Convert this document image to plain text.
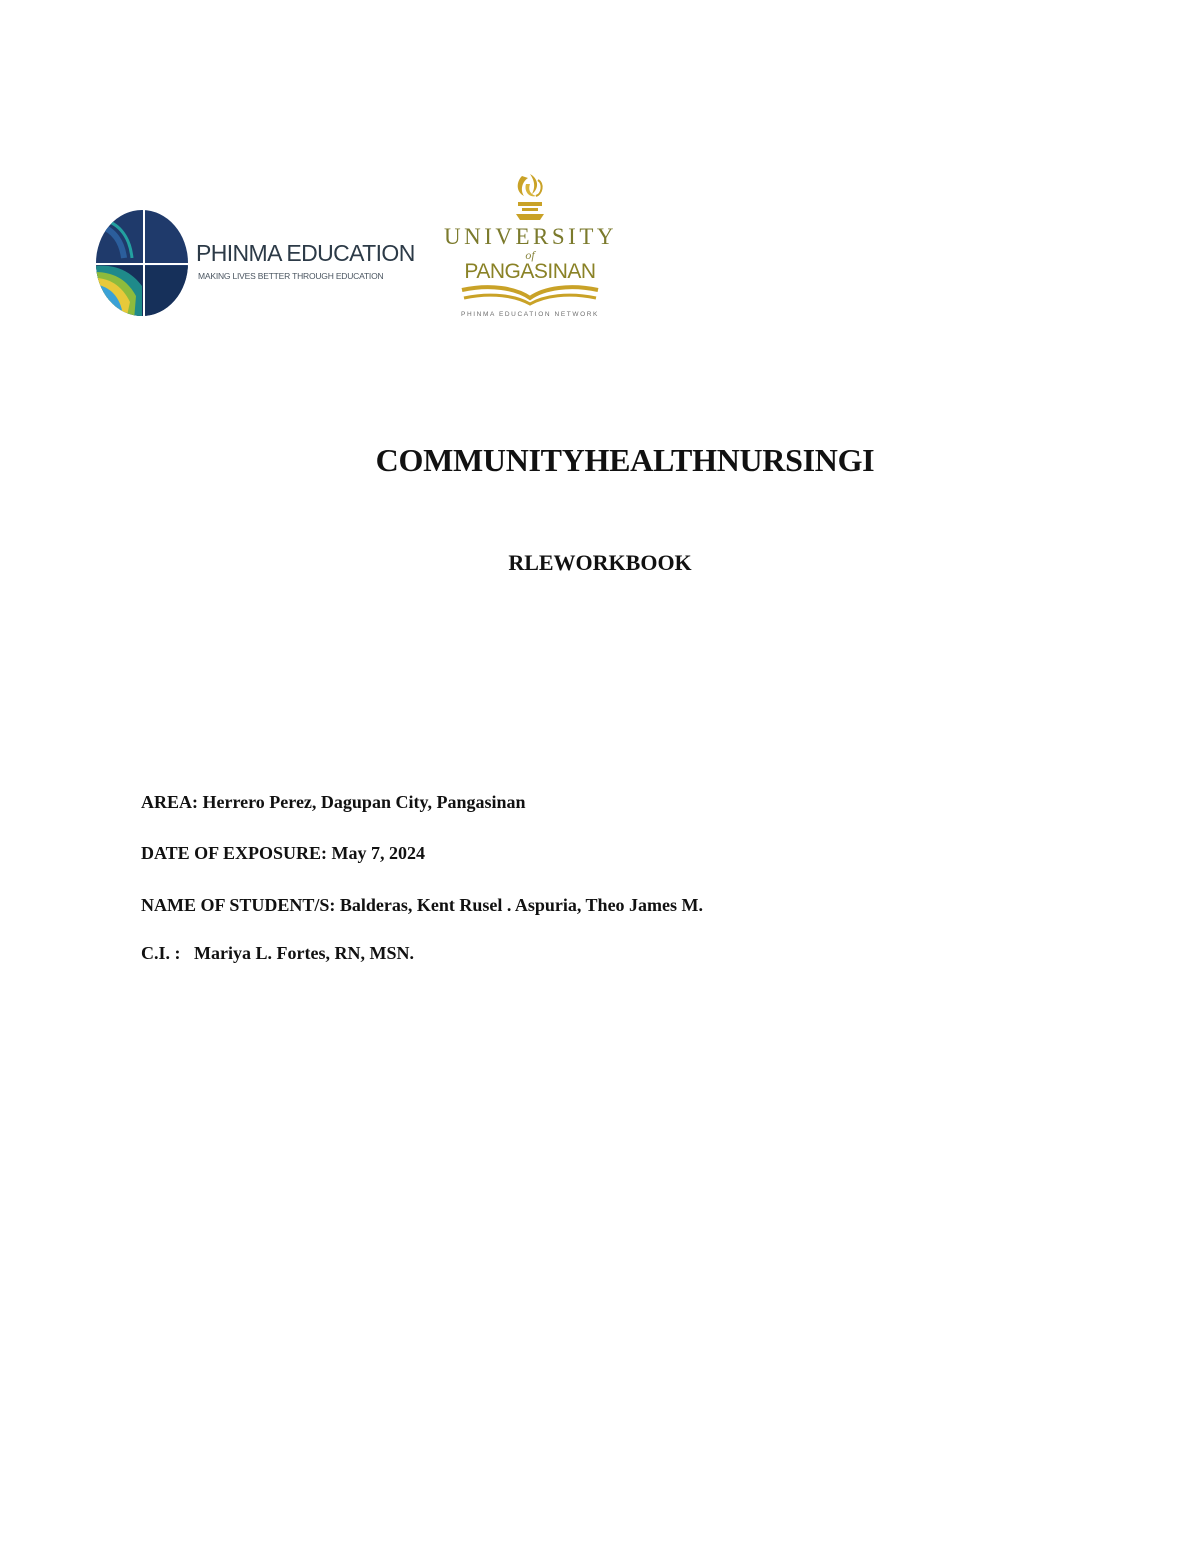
PHINMA EDUCATION
MAKING LIVES BETTER THROUGH EDUCATION
UNIVERSITY
of
PANGASINAN
PHINMA EDUCATION NETWORK
COMMUNITYHEALTHNURSINGI
RLEWORKBOOK
AREA: Herrero Perez, Dagupan City, Pangasinan
DATE OF EXPOSURE: May 7, 2024
NAME OF STUDENT/S: Balderas, Kent Rusel . Aspuria, Theo James M.
C.I. :   Mariya L. Fortes, RN, MSN.
